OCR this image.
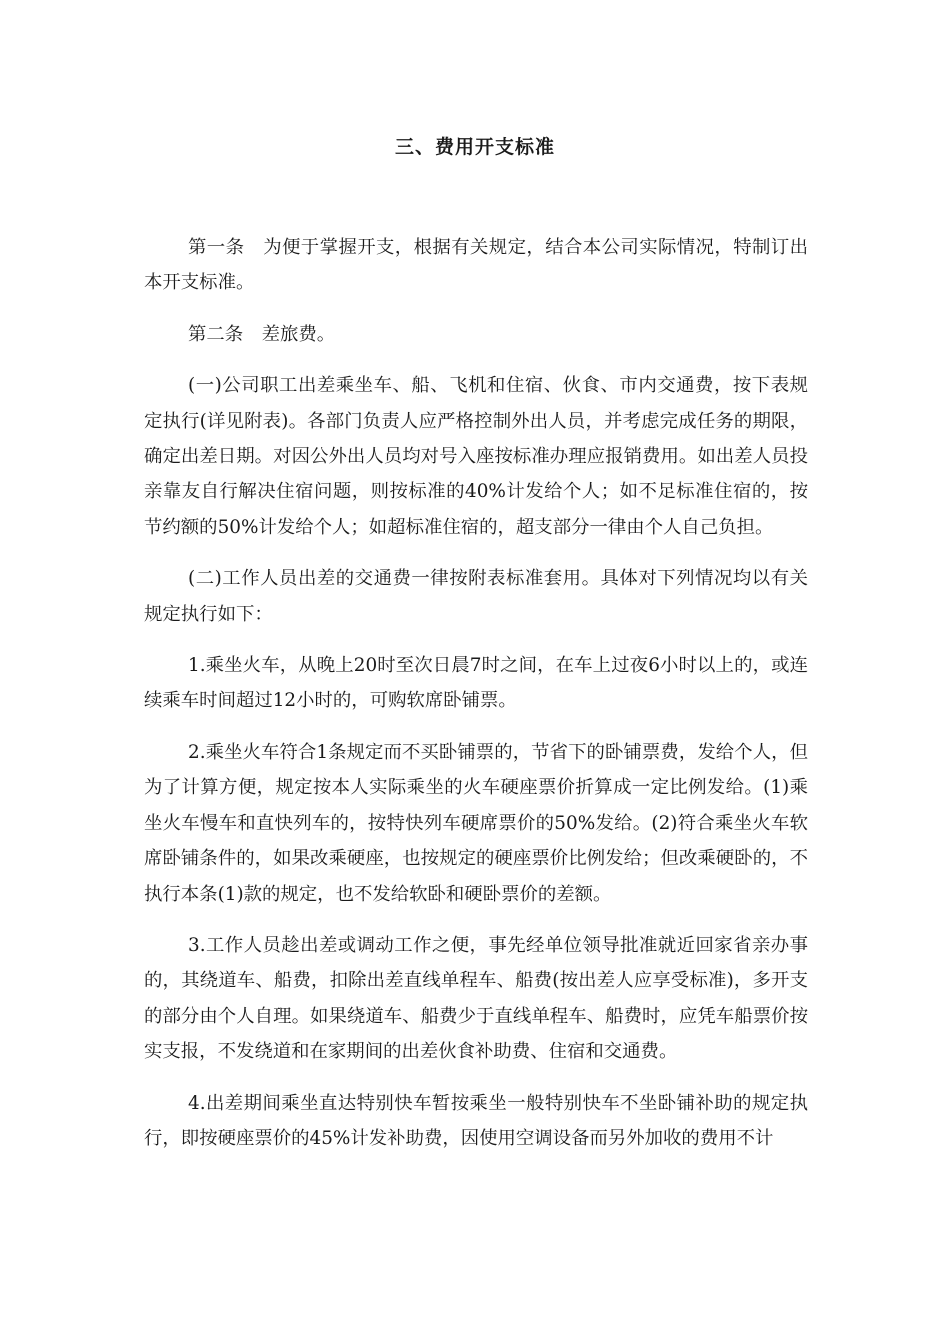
三、费用开支标准

第一条　为便于掌握开支，根据有关规定，结合本公司实际情况，特制订出本开支标准。

第二条　差旅费。

(一)公司职工出差乘坐车、船、飞机和住宿、伙食、市内交通费，按下表规定执行(详见附表)。各部门负责人应严格控制外出人员，并考虑完成任务的期限，确定出差日期。对因公外出人员均对号入座按标准办理应报销费用。如出差人员投亲靠友自行解决住宿问题，则按标准的40%计发给个人；如不足标准住宿的，按节约额的50%计发给个人；如超标准住宿的，超支部分一律由个人自己负担。

(二)工作人员出差的交通费一律按附表标准套用。具体对下列情况均以有关规定执行如下：

1.乘坐火车，从晚上20时至次日晨7时之间，在车上过夜6小时以上的，或连续乘车时间超过12小时的，可购软席卧铺票。

2.乘坐火车符合1条规定而不买卧铺票的，节省下的卧铺票费，发给个人，但为了计算方便，规定按本人实际乘坐的火车硬座票价折算成一定比例发给。(1)乘坐火车慢车和直快列车的，按特快列车硬席票价的50%发给。(2)符合乘坐火车软席卧铺条件的，如果改乘硬座，也按规定的硬座票价比例发给；但改乘硬卧的，不执行本条(1)款的规定，也不发给软卧和硬卧票价的差额。

3.工作人员趁出差或调动工作之便，事先经单位领导批准就近回家省亲办事的，其绕道车、船费，扣除出差直线单程车、船费(按出差人应享受标准)，多开支的部分由个人自理。如果绕道车、船费少于直线单程车、船费时，应凭车船票价按实支报，不发绕道和在家期间的出差伙食补助费、住宿和交通费。

4.出差期间乘坐直达特别快车暂按乘坐一般特别快车不坐卧铺补助的规定执行，即按硬座票价的45%计发补助费，因使用空调设备而另外加收的费用不计
